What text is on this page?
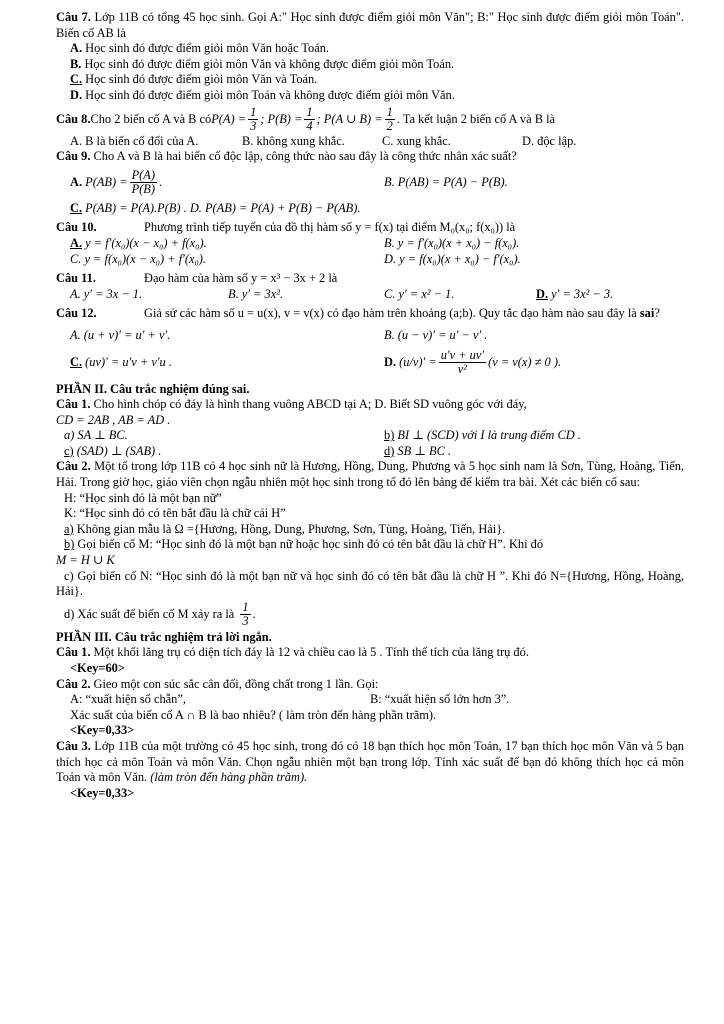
Câu 7. Lớp 11B có tổng 45 học sinh. Gọi A:" Học sinh được điểm giỏi môn Văn"; B:" Học sinh được điểm giỏi môn Toán". Biến cố AB là
A. Học sinh đó được điểm giỏi môn Văn hoặc Toán.
B. Học sinh đó được điểm giỏi môn Văn và không được điểm giỏi môn Toán.
C. Học sinh đó được điểm giỏi môn Văn và Toán.
D. Học sinh đó được điểm giỏi môn Toán và không được điểm giỏi môn Văn.
Câu 8. Cho 2 biến cố A và B có $P(A) = \frac{1}{3}$ ; $P(B) = \frac{1}{4}$ ; P(A ∪ $B) = \frac{1}{2}$ . Ta kết luận 2 biến cố A và B là
A. B là biến cố đối của A.	B. không xung khắc.	C. xung khắc.	D. độc lập.
Câu 9. Cho A và B là hai biến cố độc lập, công thức nào sau đây là công thức nhân xác suất?
A.
$P(AB) = \frac{P(A)}{P(B)}$ .	B. P(AB) = P(A) − P(B).
C. P(AB) = P(A).P(B) . D. P(AB) = P(A) + P(B) − P(AB).
Câu 10.	Phương trình tiếp tuyến của đồ thị hàm số y = f(x) tại điểm M₀(x₀; f(x₀)) là
A. y = f′(x₀)(x − x₀) + f(x₀).	B. y = f′(x₀)(x + x₀) − f(x₀).
C. y = f(x₀)(x − x₀) + f′(x₀).	D. y = f(x₀)(x + x₀) − f′(x₀).
Câu 11.	Đạo hàm của hàm số y = x³ − 3x + 2 là
A. y′ = 3x − 1.	B. y′ = 3x².	C. y′ = x² − 1.	D. y′ = 3x² − 3.
Câu 12.	Giả sử các hàm số u = u(x), v = v(x) có đạo hàm trên khoảng (a;b). Quy tắc đạo hàm nào sau đây là sai?
A. (u + v)′ = u′ + v′.	B. (u − v)′ = u′ − v′ .
C. (uv)′ = u′v + v′u .	D.
$(u/v)' = \frac{u'v + uv'}{\text{v²}} (v = v(x) \ne 0$ ).
PHẦN II. Câu trắc nghiệm đúng sai.
Câu 1. Cho hình chóp có đáy là hình thang vuông ABCD tại A; D. Biết SD vuông góc với đáy,
CD = 2AB , AB = AD .
a) SA ⊥ BC.	b) BI ⊥ (SCD) với I là trung điểm CD .
c) (SAD) ⊥ (SAB) .	d) SB ⊥ BC .
Câu 2. Một tổ trong lớp 11B có 4 học sinh nữ là Hương, Hồng, Dung, Phương và 5 học sinh nam là Sơn, Tùng, Hoàng, Tiến, Hải. Trong giờ học, giáo viên chọn ngẫu nhiên một học sinh trong tổ đó lên bảng để kiểm tra bài. Xét các biến cố sau:
H: “Học sinh đó là một bạn nữ”
K: “Học sinh đó có tên bắt đầu là chữ cái H”
a) Không gian mẫu là Ω ={Hương, Hồng, Dung, Phương, Sơn, Tùng, Hoàng, Tiến, Hải}.
b) Gọi biến cố M: “Học sinh đó là một bạn nữ hoặc học sinh đó có tên bắt đầu là chữ H”. Khi đó
M = H ∪ K
c) Gọi biến cố N: “Học sinh đó là một bạn nữ và học sinh đó có tên bắt đầu là chữ H ”. Khi đó N={Hương, Hồng, Hoàng, Hải}.
d) Xác suất để biến cố M xảy ra là $\frac{1}{3}$ .
PHẦN III. Câu trắc nghiệm trả lời ngắn.
Câu 1. Một khối lăng trụ có diện tích đáy là 12 và chiều cao là 5 . Tính thể tích của lăng trụ đó.
<Key=60>
Câu 2. Gieo một con súc sắc cân đối, đồng chất trong 1 lần. Gọi:
A: “xuất hiện số chẵn”,	B: “xuất hiện số lớn hơn 3”.
Xác suất của biến cố A ∩ B là bao nhiêu? ( làm tròn đến hàng phần trăm).
<Key=0,33>
Câu 3. Lớp 11B của một trường có 45 học sinh, trong đó có 18 bạn thích học môn Toán, 17 bạn thích học môn Văn và 5 bạn thích học cả môn Toán và môn Văn. Chọn ngẫu nhiên một bạn trong lớp. Tính xác suất để bạn đó không thích học cả môn Toán và môn Văn. (làm tròn đến hàng phần trăm).
<Key=0,33>
